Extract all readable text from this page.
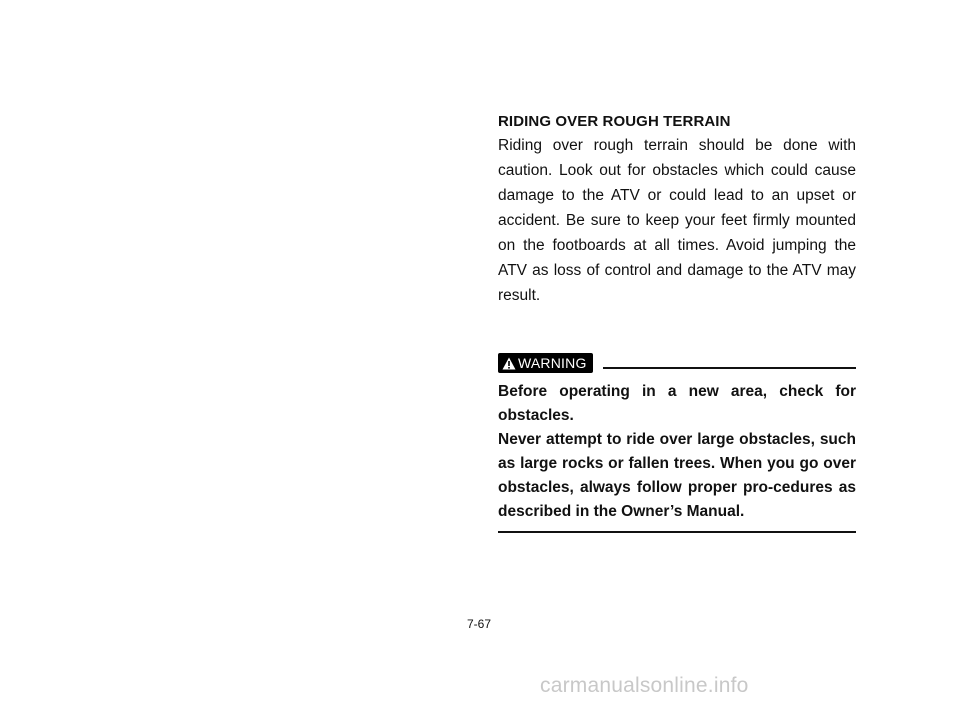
RIDING OVER ROUGH TERRAIN

Riding over rough terrain should be done with caution. Look out for obstacles which could cause damage to the ATV or could lead to an upset or accident. Be sure to keep your feet firmly mounted on the footboards at all times. Avoid jumping the ATV as loss of control and damage to the ATV may result.

WARNING

Before operating in a new area, check for obstacles.

Never attempt to ride over large obstacles, such as large rocks or fallen trees. When you go over obstacles, always follow proper pro-cedures as described in the Owner’s Manual.

7-67
carmanualsonline.info
